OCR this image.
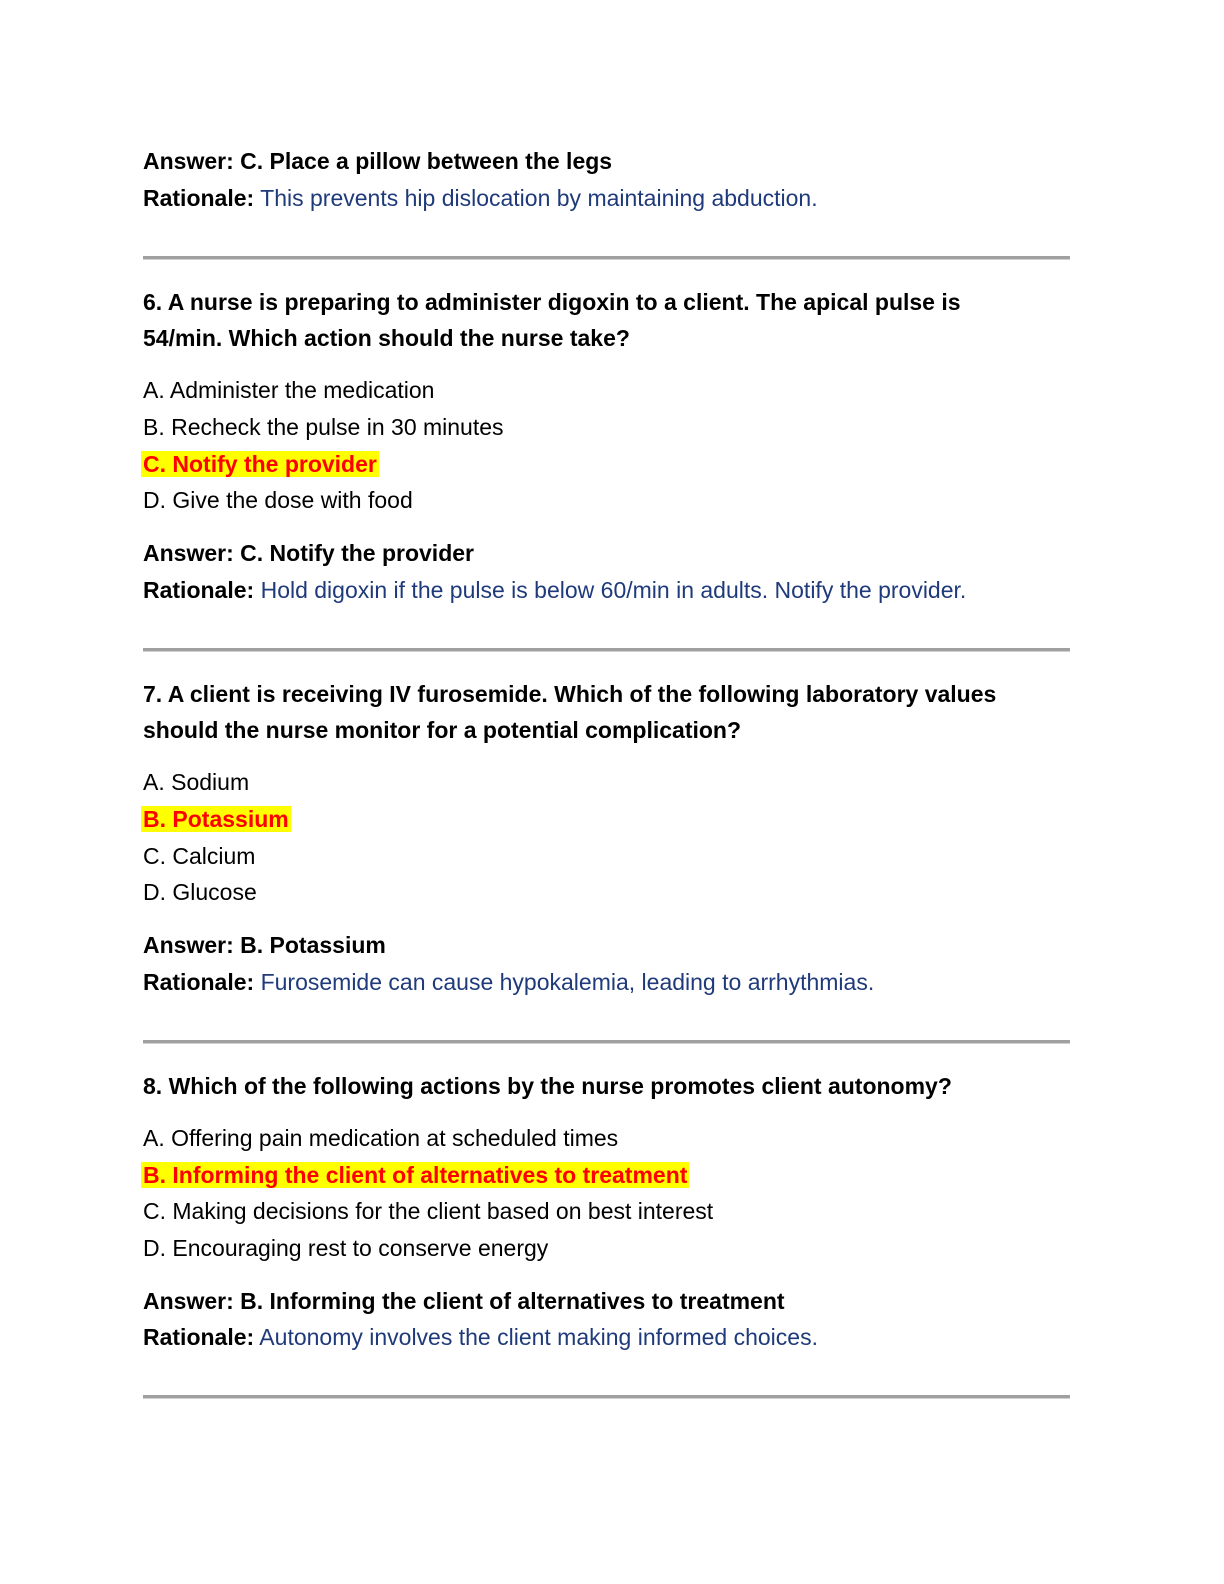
Answer: C. Place a pillow between the legs
Rationale: This prevents hip dislocation by maintaining abduction.
6. A nurse is preparing to administer digoxin to a client. The apical pulse is
54/min. Which action should the nurse take?
A. Administer the medication
B. Recheck the pulse in 30 minutes
C. Notify the provider
D. Give the dose with food
Answer: C. Notify the provider
Rationale: Hold digoxin if the pulse is below 60/min in adults. Notify the provider.
7. A client is receiving IV furosemide. Which of the following laboratory values
should the nurse monitor for a potential complication?
A. Sodium
B. Potassium
C. Calcium
D. Glucose
Answer: B. Potassium
Rationale: Furosemide can cause hypokalemia, leading to arrhythmias.
8. Which of the following actions by the nurse promotes client autonomy?
A. Offering pain medication at scheduled times
B. Informing the client of alternatives to treatment
C. Making decisions for the client based on best interest
D. Encouraging rest to conserve energy
Answer: B. Informing the client of alternatives to treatment
Rationale: Autonomy involves the client making informed choices.
